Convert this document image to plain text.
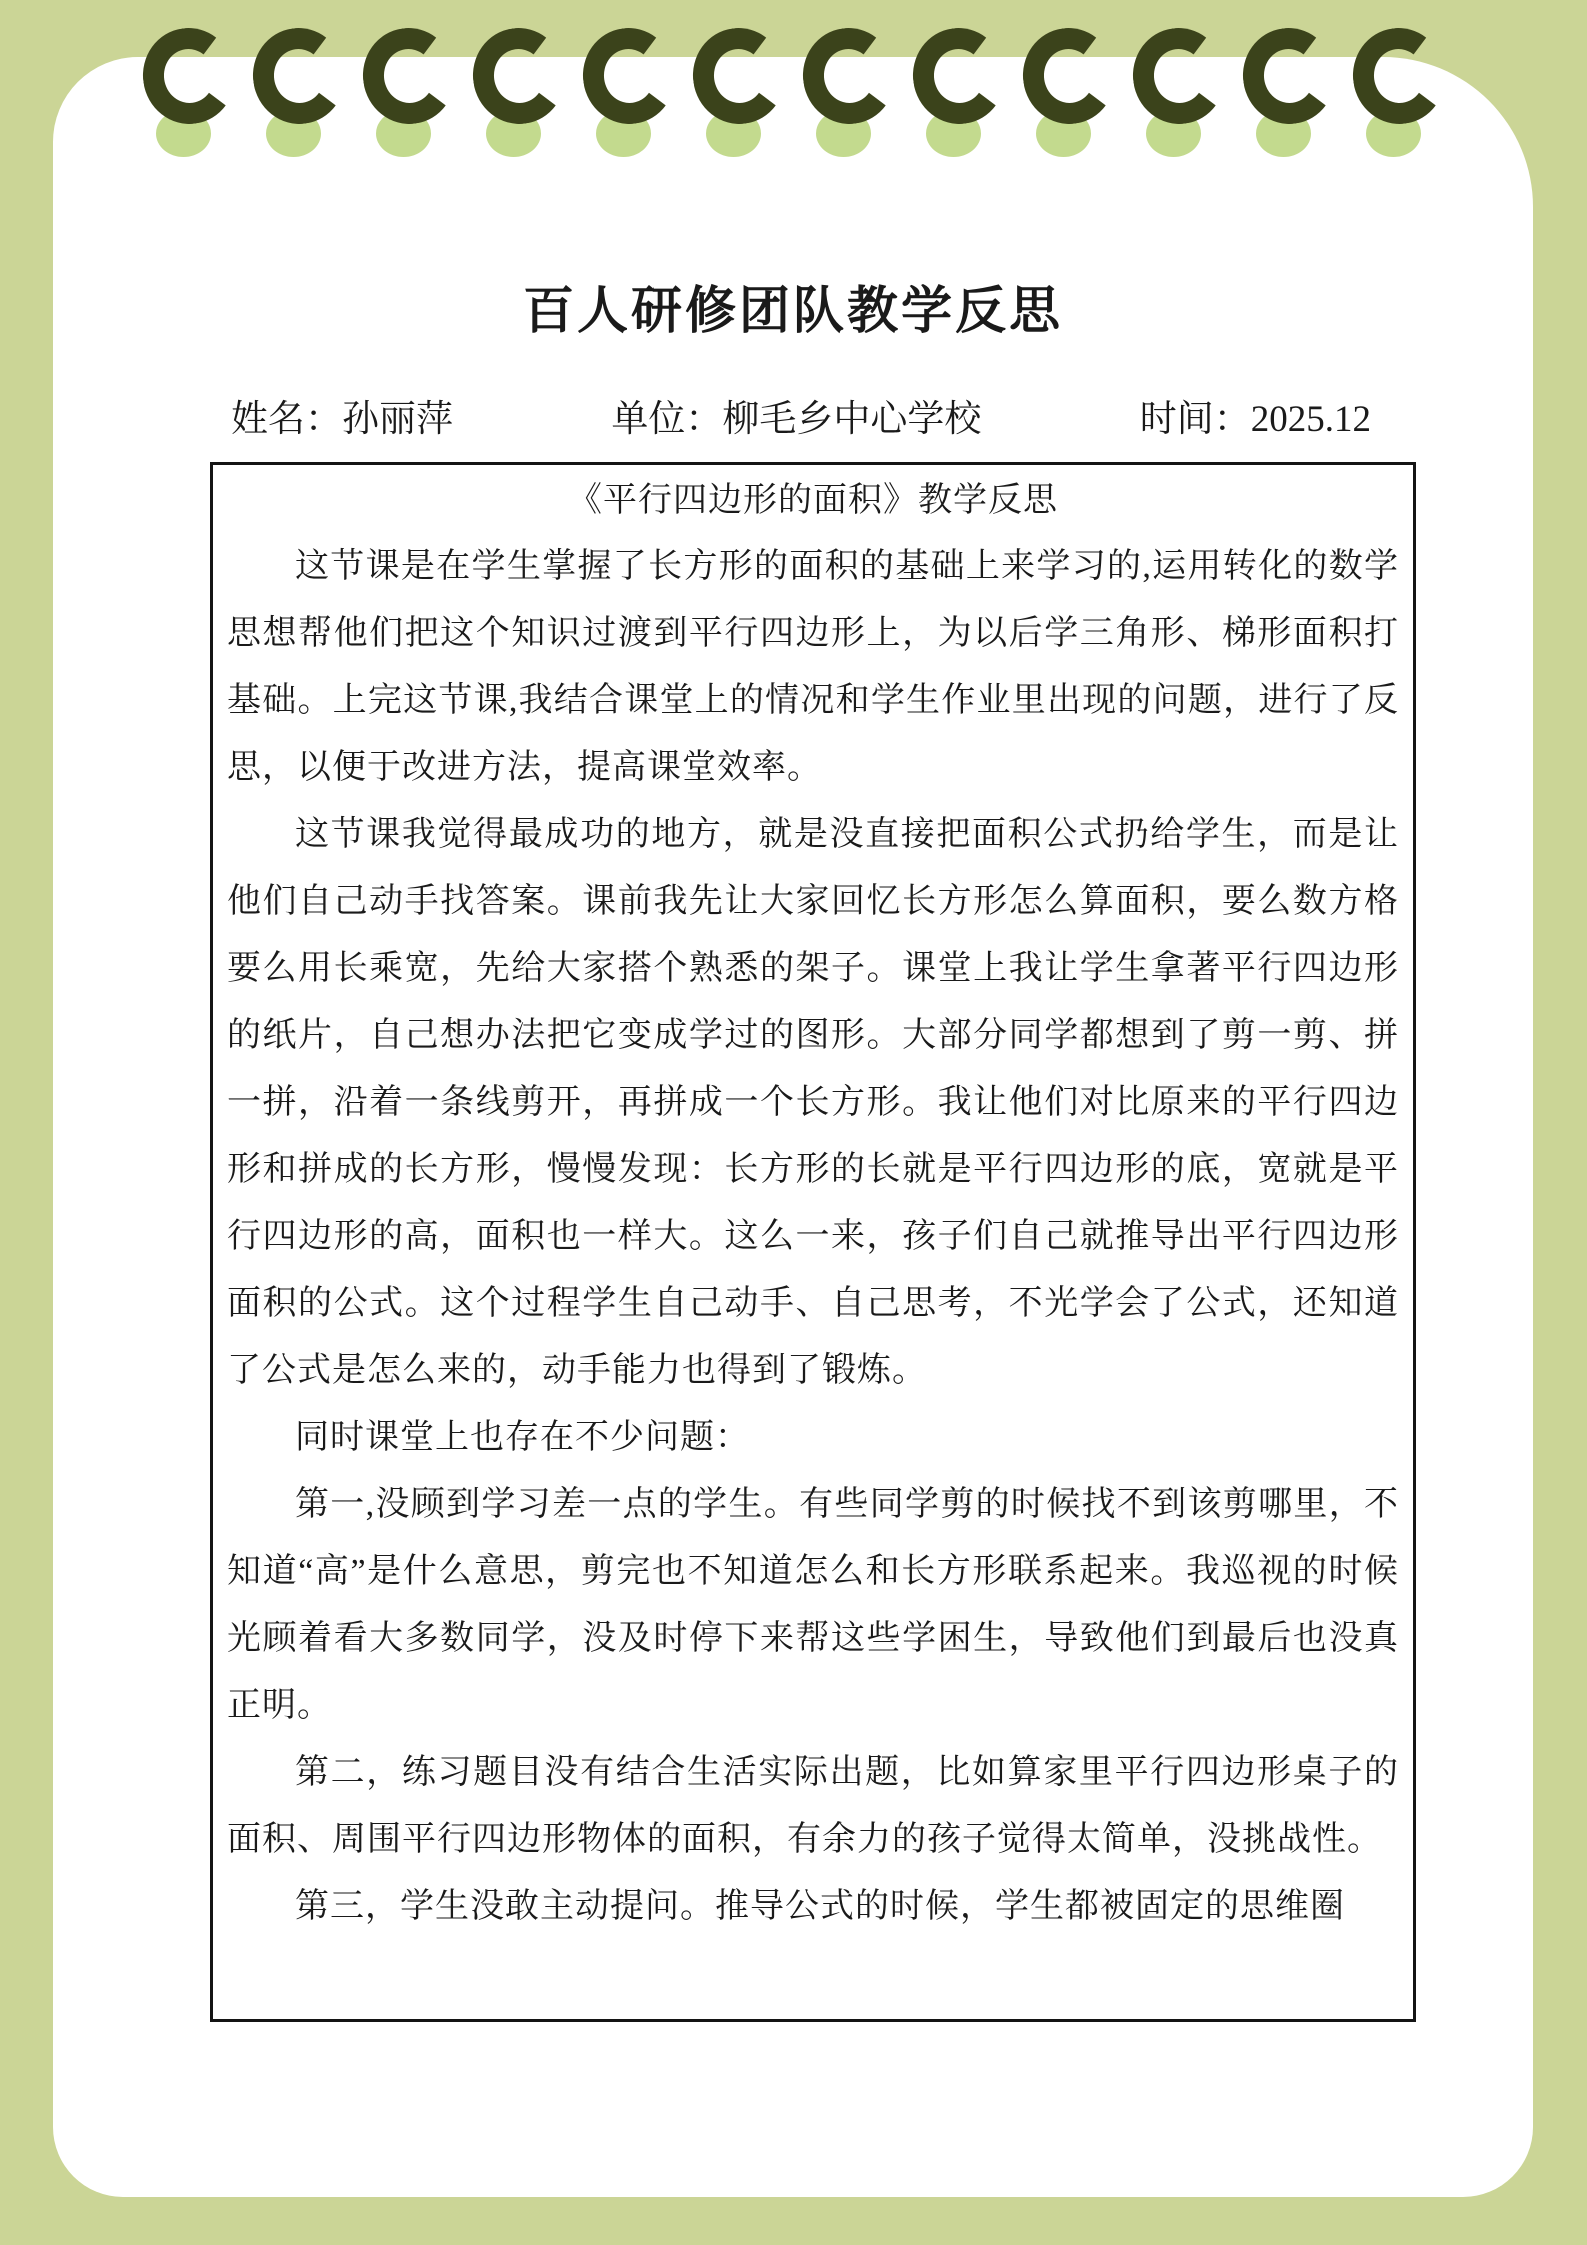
百人研修团队教学反思
姓名：孙丽萍	单位：柳毛乡中心学校	时间：2025.12
《平行四边形的面积》教学反思

这节课是在学生掌握了长方形的面积的基础上来学习的,运用转化的数学思想帮他们把这个知识过渡到平行四边形上，为以后学三角形、梯形面积打基础。上完这节课,我结合课堂上的情况和学生作业里出现的问题，进行了反思，以便于改进方法，提高课堂效率。

这节课我觉得最成功的地方，就是没直接把面积公式扔给学生，而是让他们自己动手找答案。课前我先让大家回忆长方形怎么算面积，要么数方格要么用长乘宽，先给大家搭个熟悉的架子。课堂上我让学生拿著平行四边形的纸片，自己想办法把它变成学过的图形。大部分同学都想到了剪一剪、拼一拼，沿着一条线剪开，再拼成一个长方形。我让他们对比原来的平行四边形和拼成的长方形，慢慢发现：长方形的长就是平行四边形的底，宽就是平行四边形的高，面积也一样大。这么一来，孩子们自己就推导出平行四边形面积的公式。这个过程学生自己动手、自己思考，不光学会了公式，还知道了公式是怎么来的，动手能力也得到了锻炼。

同时课堂上也存在不少问题：

第一,没顾到学习差一点的学生。有些同学剪的时候找不到该剪哪里，不知道“高”是什么意思，剪完也不知道怎么和长方形联系起来。我巡视的时候光顾着看大多数同学，没及时停下来帮这些学困生，导致他们到最后也没真正明。

第二，练习题目没有结合生活实际出题，比如算家里平行四边形桌子的面积、周围平行四边形物体的面积，有余力的孩子觉得太简单，没挑战性。

第三，学生没敢主动提问。推导公式的时候，学生都被固定的思维圈
